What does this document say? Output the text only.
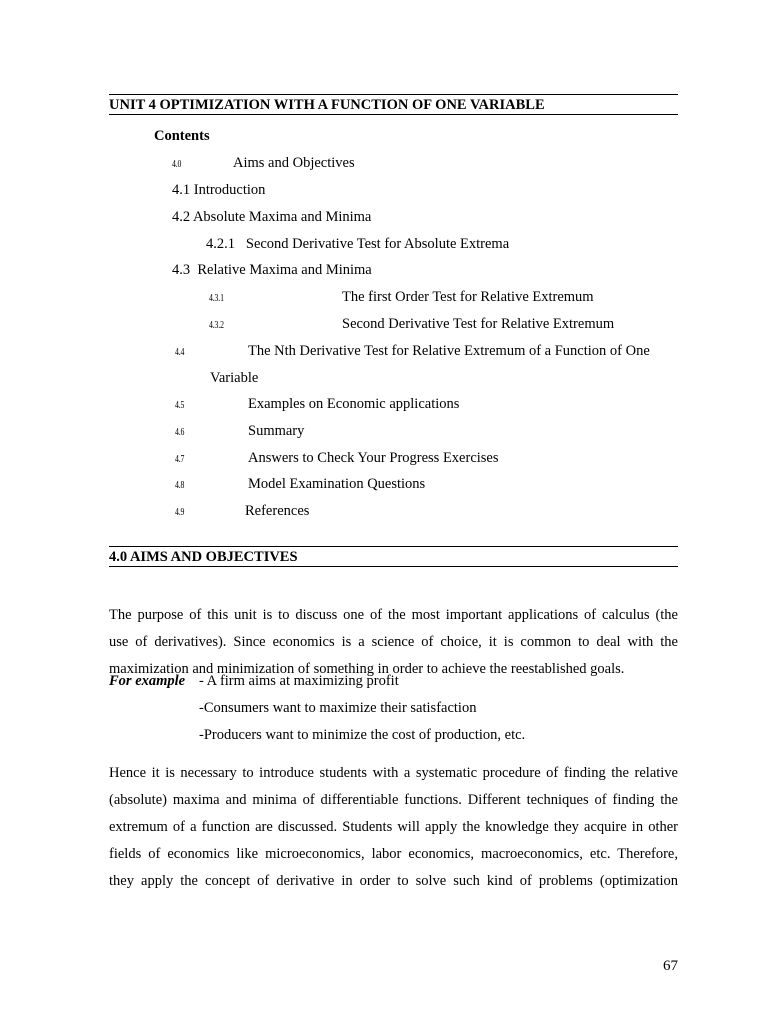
UNIT 4 OPTIMIZATION WITH A FUNCTION OF ONE VARIABLE
Contents
4.0	Aims and Objectives
4.1 Introduction
4.2 Absolute Maxima and Minima
4.2.1 Second Derivative Test for Absolute Extrema
4.3 Relative Maxima and Minima
4.3.1	The first Order Test for Relative Extremum
4.3.2	Second Derivative Test for Relative Extremum
4.4	The Nth Derivative Test for Relative Extremum of a Function of One
Variable
4.5	Examples on Economic applications
4.6	Summary
4.7	Answers to Check Your Progress Exercises
4.8	Model Examination Questions
4.9	References
4.0 AIMS AND OBJECTIVES
The purpose of this unit is to discuss one of the most important applications of calculus (the
use of derivatives). Since economics is a science of choice, it is common to deal with the
maximization and minimization of something in order to achieve the reestablished goals.
For example - A firm aims at maximizing profit
-Consumers want to maximize their satisfaction
-Producers want to minimize the cost of production, etc.
Hence it is necessary to introduce students with a systematic procedure of finding the relative
(absolute) maxima and minima of differentiable functions. Different techniques of finding the
extremum of a function are discussed. Students will apply the knowledge they acquire in other
fields of economics like microeconomics, labor economics, macroeconomics, etc. Therefore,
they apply the concept of derivative in order to solve such kind of problems (optimization
67
